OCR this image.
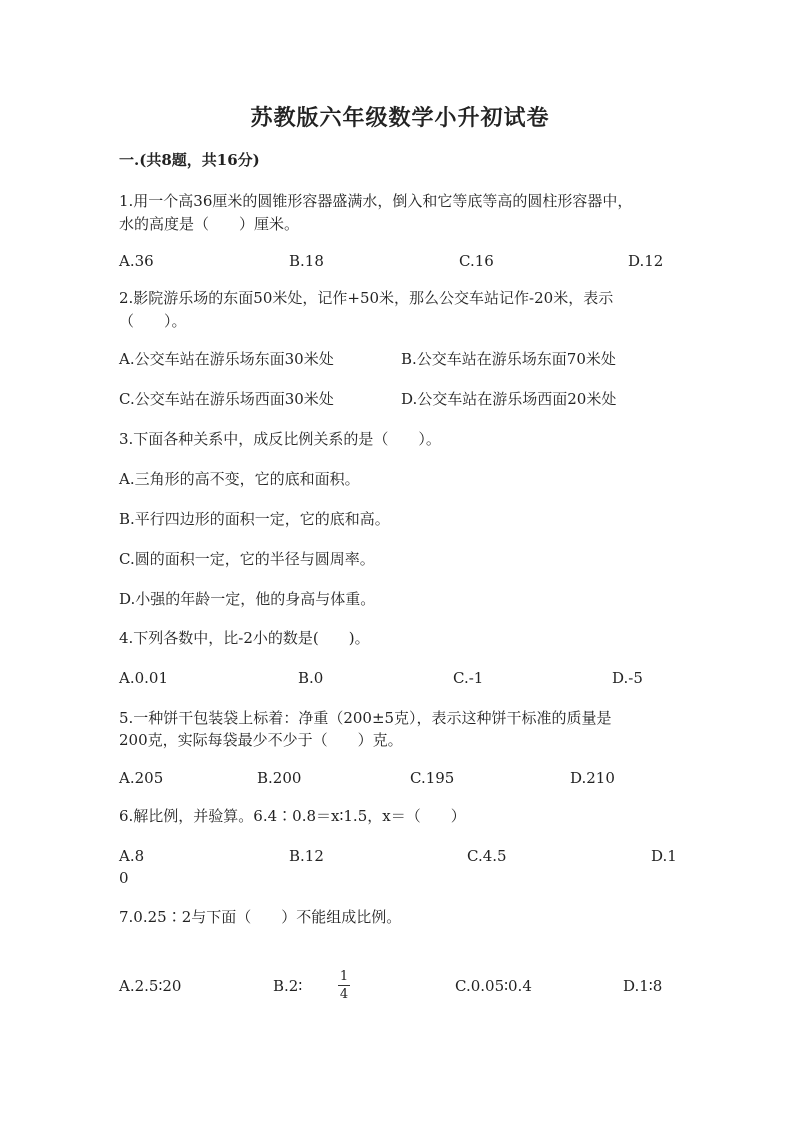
苏教版六年级数学小升初试卷
一.(共8题，共16分)
1.用一个高36厘米的圆锥形容器盛满水，倒入和它等底等高的圆柱形容器中，
水的高度是（　　）厘米。
A.36	B.18	C.16	D.12
2.影院游乐场的东面50米处，记作+50米，那么公交车站记作-20米，表示
（　　）。
A.公交车站在游乐场东面30米处	B.公交车站在游乐场东面70米处
C.公交车站在游乐场西面30米处	D.公交车站在游乐场西面20米处
3.下面各种关系中，成反比例关系的是（　　）。
A.三角形的高不变，它的底和面积。
B.平行四边形的面积一定，它的底和高。
C.圆的面积一定，它的半径与圆周率。
D.小强的年龄一定，他的身高与体重。
4.下列各数中，比-2小的数是(　　)。
A.0.01	B.0	C.-1	D.-5
5.一种饼干包装袋上标着：净重（200±5克），表示这种饼干标准的质量是
200克，实际每袋最少不少于（　　）克。
A.205	B.200	C.195	D.210
6.解比例，并验算。6.4∶0.8＝x∶1.5，x＝（　　）
A.8	B.12	C.4.5	D.1
0
7.0.25∶2与下面（　　）不能组成比例。
A.2.5∶20	B.2∶	$\frac{1}{4}$	C.0.05∶0.4	D.1∶8
